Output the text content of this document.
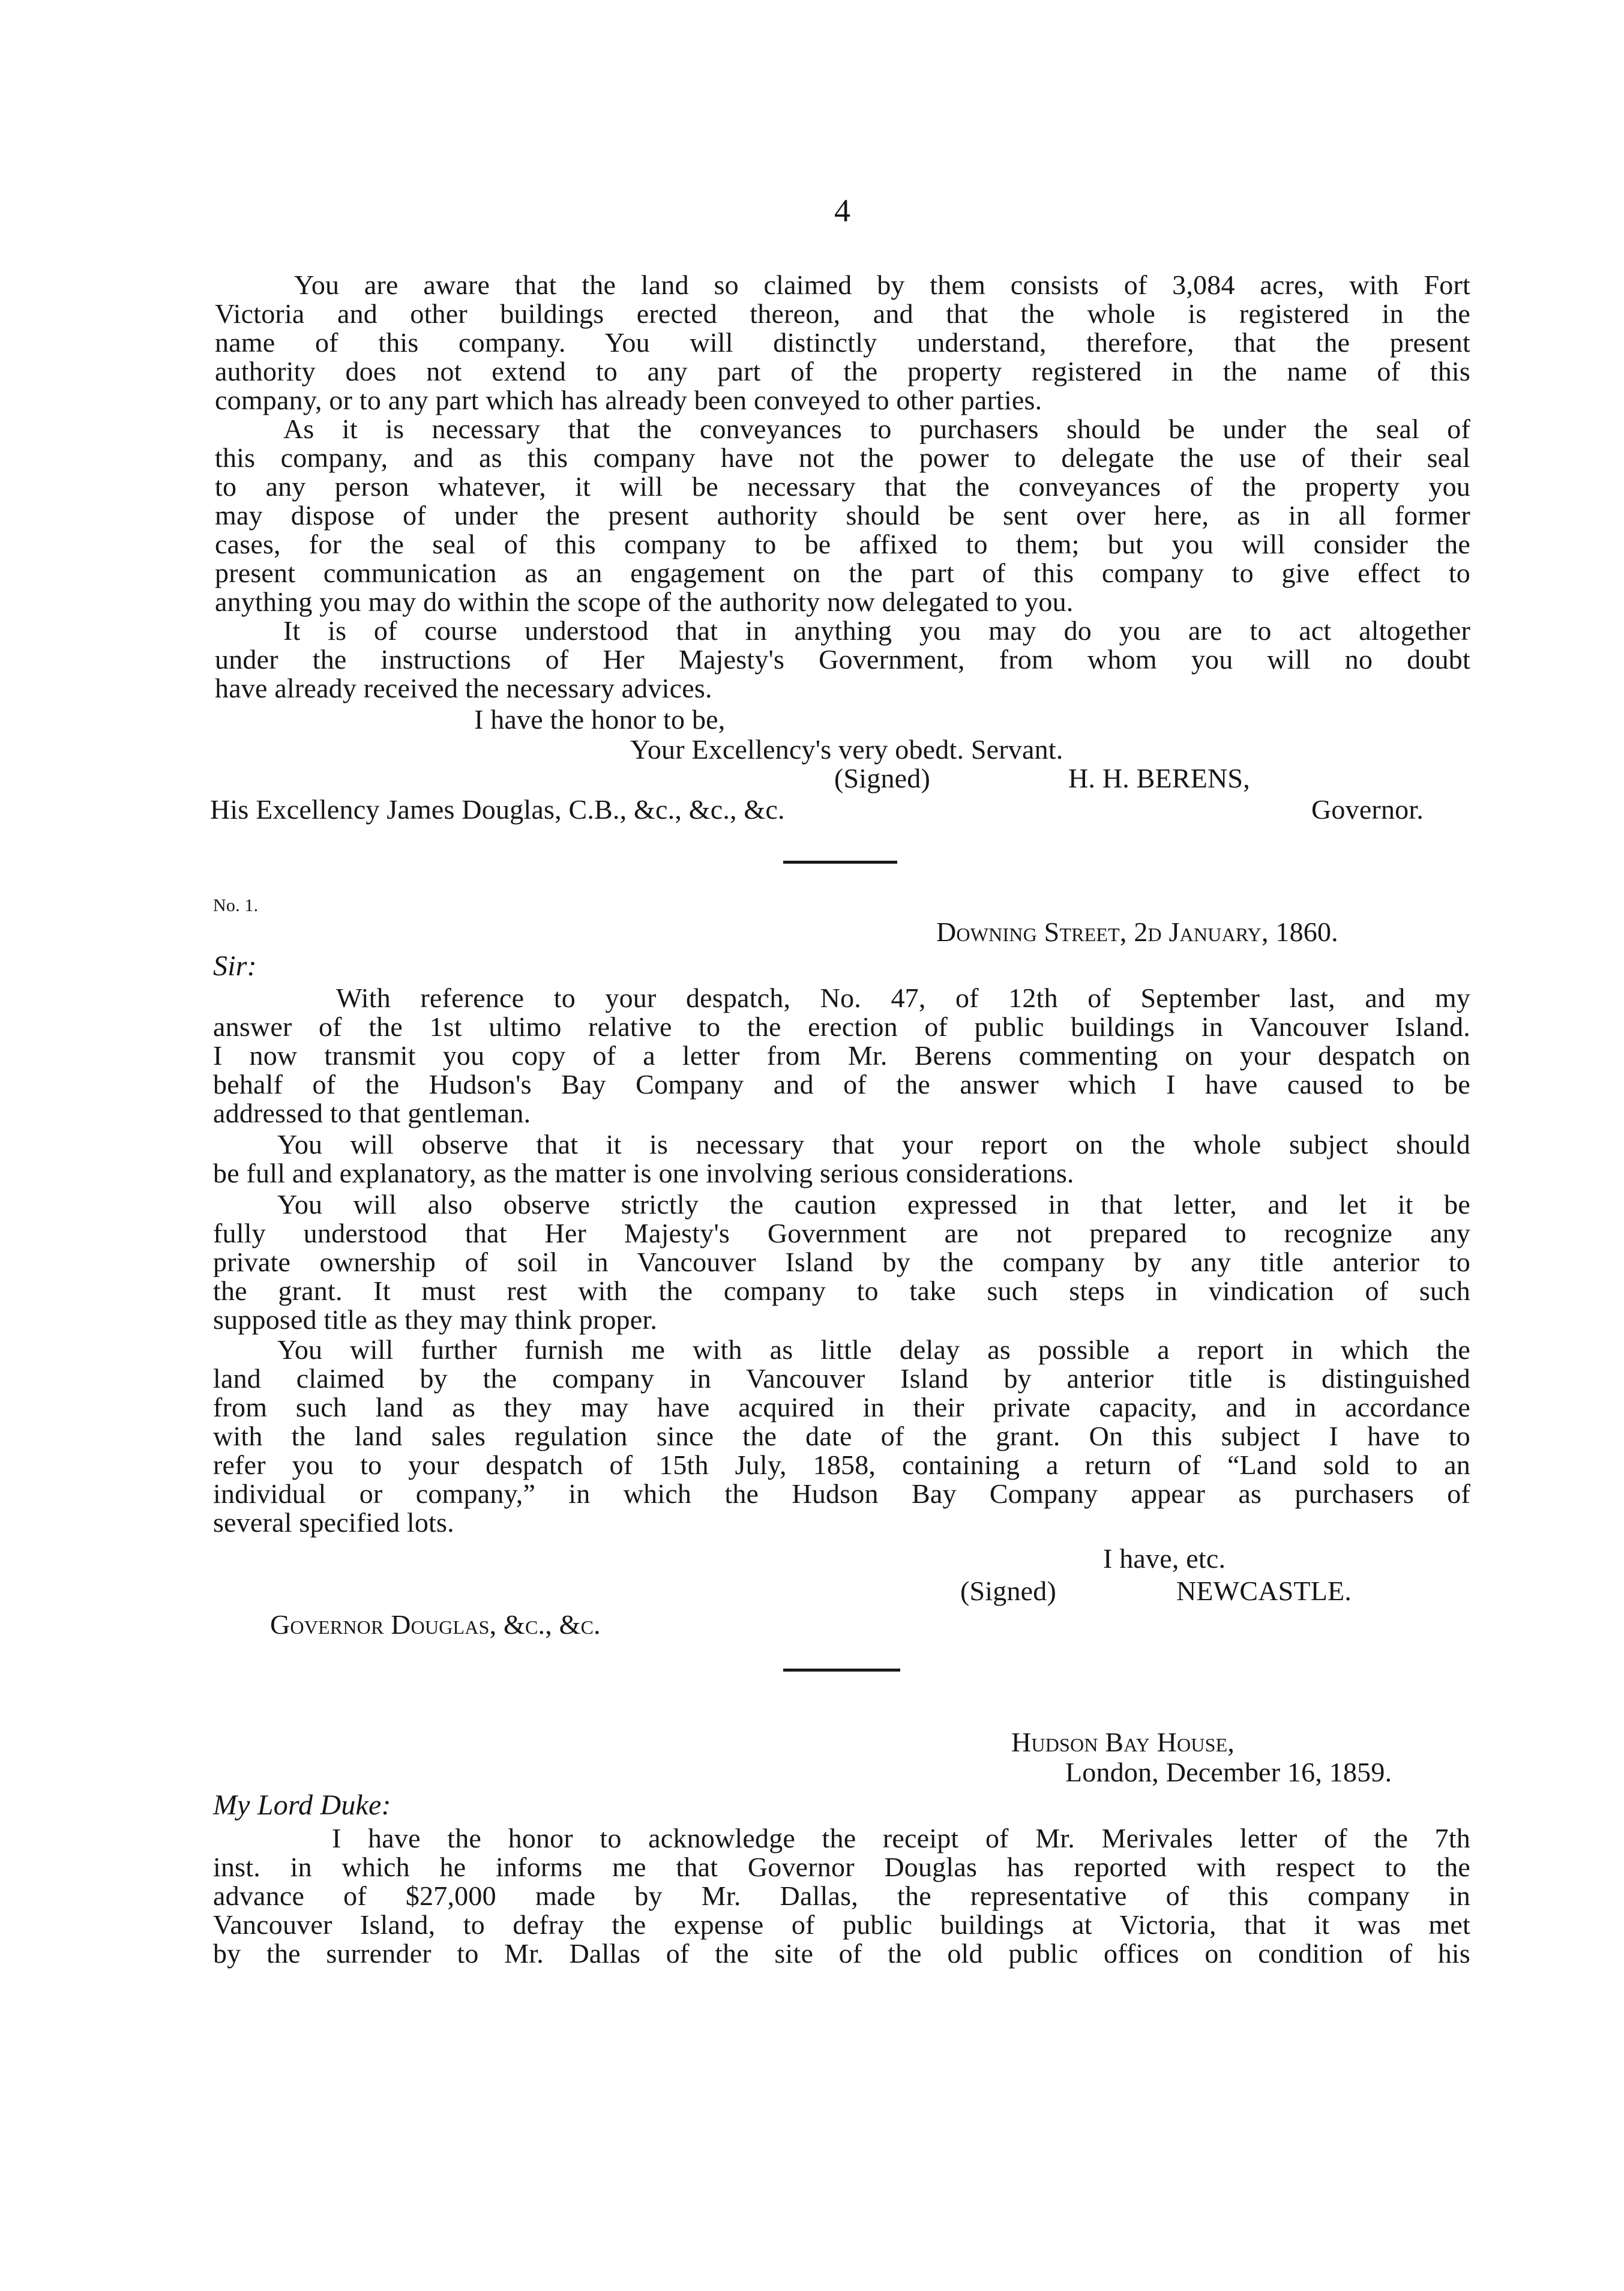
4
You are aware that the land so claimed by them consists of 3,084 acres, with Fort
Victoria and other buildings erected thereon, and that the whole is registered in the
name of this company. You will distinctly understand, therefore, that the present
authority does not extend to any part of the property registered in the name of this
company, or to any part which has already been conveyed to other parties.
As it is necessary that the conveyances to purchasers should be under the seal of
this company, and as this company have not the power to delegate the use of their seal
to any person whatever, it will be necessary that the conveyances of the property you
may dispose of under the present authority should be sent over here, as in all former
cases, for the seal of this company to be affixed to them; but you will consider the
present communication as an engagement on the part of this company to give effect to
anything you may do within the scope of the authority now delegated to you.
It is of course understood that in anything you may do you are to act altogether
under the instructions of Her Majesty's Government, from whom you will no doubt
have already received the necessary advices.
I have the honor to be,
Your Excellency's very obedt. Servant.
(Signed)	H. H. BERENS,
His Excellency James Douglas, C.B., &c., &c., &c.	Governor.
No. 1.
Downing Street, 2d January, 1860.
Sir:
With reference to your despatch, No. 47, of 12th of September last, and my
answer of the 1st ultimo relative to the erection of public buildings in Vancouver Island.
I now transmit you copy of a letter from Mr. Berens commenting on your despatch on
behalf of the Hudson's Bay Company and of the answer which I have caused to be
addressed to that gentleman.
You will observe that it is necessary that your report on the whole subject should
be full and explanatory, as the matter is one involving serious considerations.
You will also observe strictly the caution expressed in that letter, and let it be
fully understood that Her Majesty's Government are not prepared to recognize any
private ownership of soil in Vancouver Island by the company by any title anterior to
the grant. It must rest with the company to take such steps in vindication of such
supposed title as they may think proper.
You will further furnish me with as little delay as possible a report in which the
land claimed by the company in Vancouver Island by anterior title is distinguished
from such land as they may have acquired in their private capacity, and in accordance
with the land sales regulation since the date of the grant. On this subject I have to
refer you to your despatch of 15th July, 1858, containing a return of “Land sold to an
individual or company,” in which the Hudson Bay Company appear as purchasers of
several specified lots.
I have, etc.
(Signed)	NEWCASTLE.
Governor Douglas, &c., &c.
Hudson Bay House,
London, December 16, 1859.
My Lord Duke:
I have the honor to acknowledge the receipt of Mr. Merivales letter of the 7th
inst. in which he informs me that Governor Douglas has reported with respect to the
advance of $27,000 made by Mr. Dallas, the representative of this company in
Vancouver Island, to defray the expense of public buildings at Victoria, that it was met
by the surrender to Mr. Dallas of the site of the old public offices on condition of his
